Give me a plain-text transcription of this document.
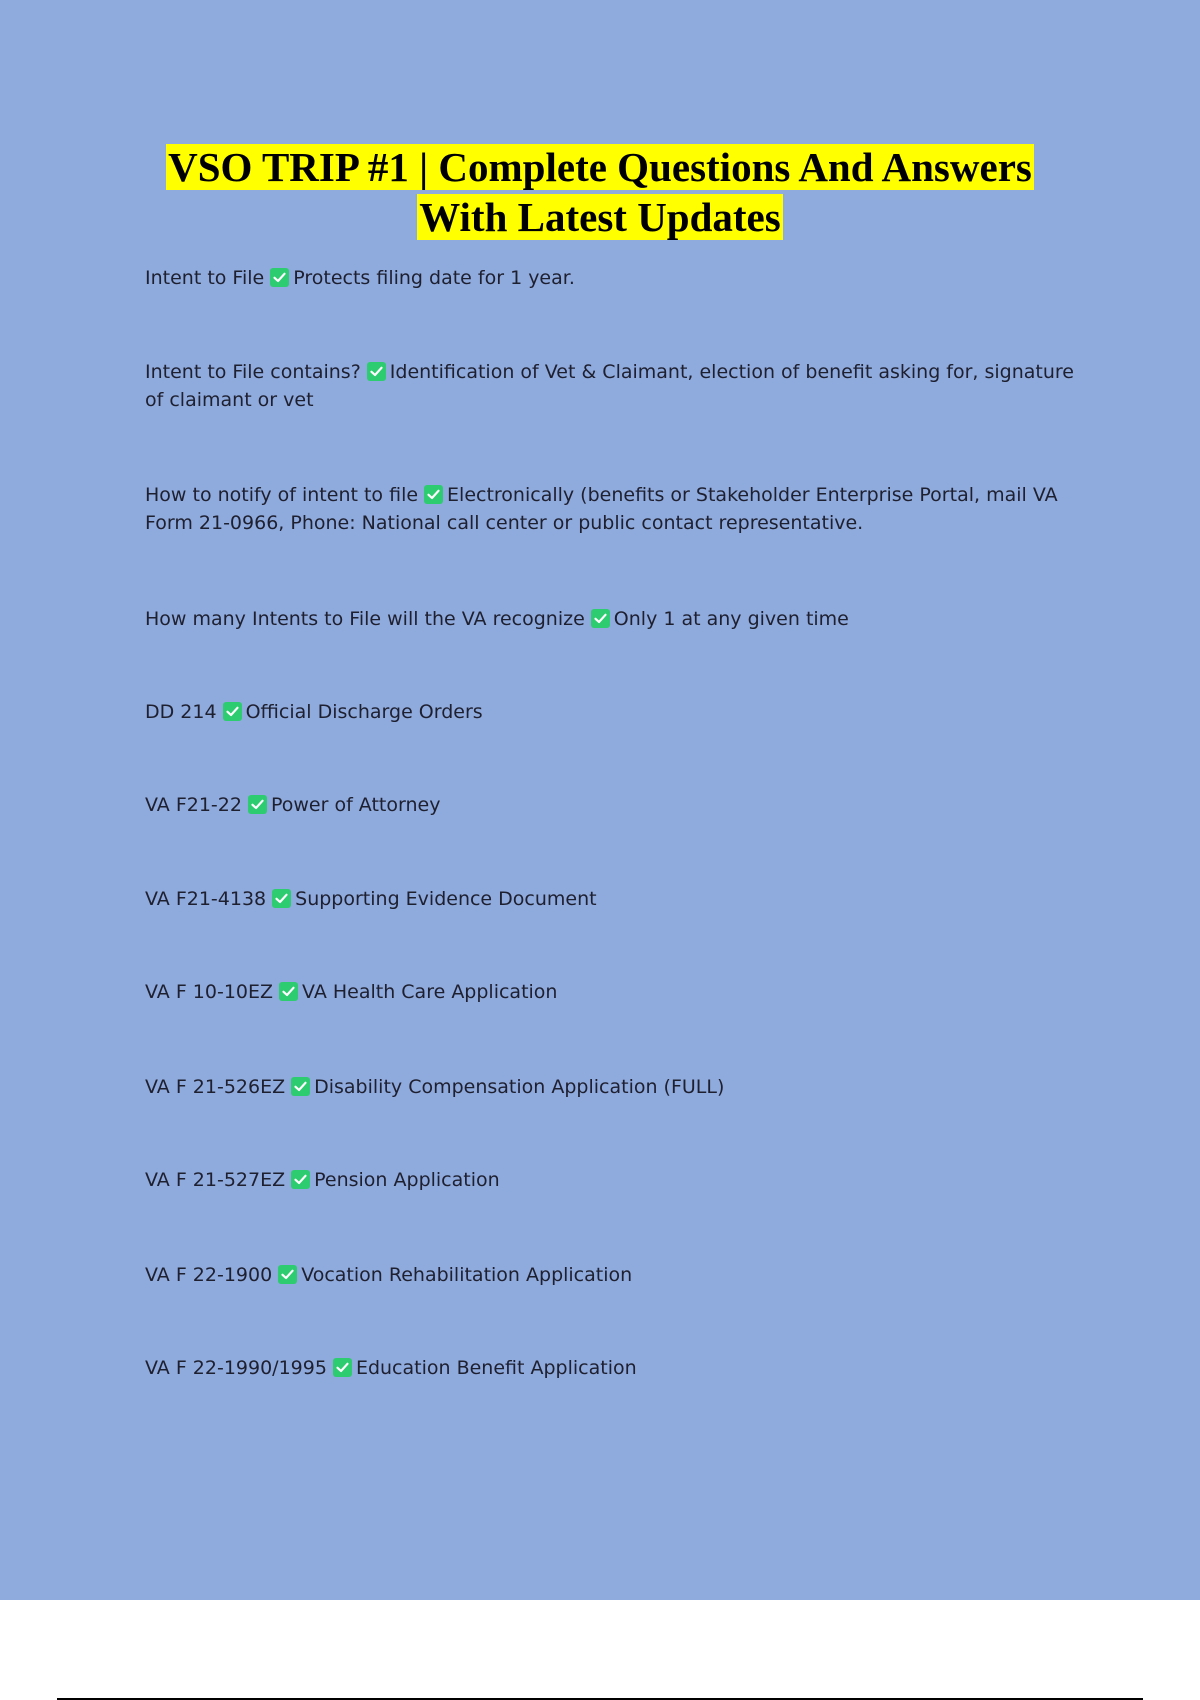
VSO TRIP #1 | Complete Questions And Answers
With Latest Updates
Intent to File Protects filing date for 1 year.
Intent to File contains? Identification of Vet & Claimant, election of benefit asking for, signature of claimant or vet
How to notify of intent to file Electronically (benefits or Stakeholder Enterprise Portal, mail VA Form 21-0966, Phone: National call center or public contact representative.
How many Intents to File will the VA recognize Only 1 at any given time
DD 214 Official Discharge Orders
VA F21-22 Power of Attorney
VA F21-4138 Supporting Evidence Document
VA F 10-10EZ VA Health Care Application
VA F 21-526EZ Disability Compensation Application (FULL)
VA F 21-527EZ Pension Application
VA F 22-1900 Vocation Rehabilitation Application
VA F 22-1990/1995 Education Benefit Application
